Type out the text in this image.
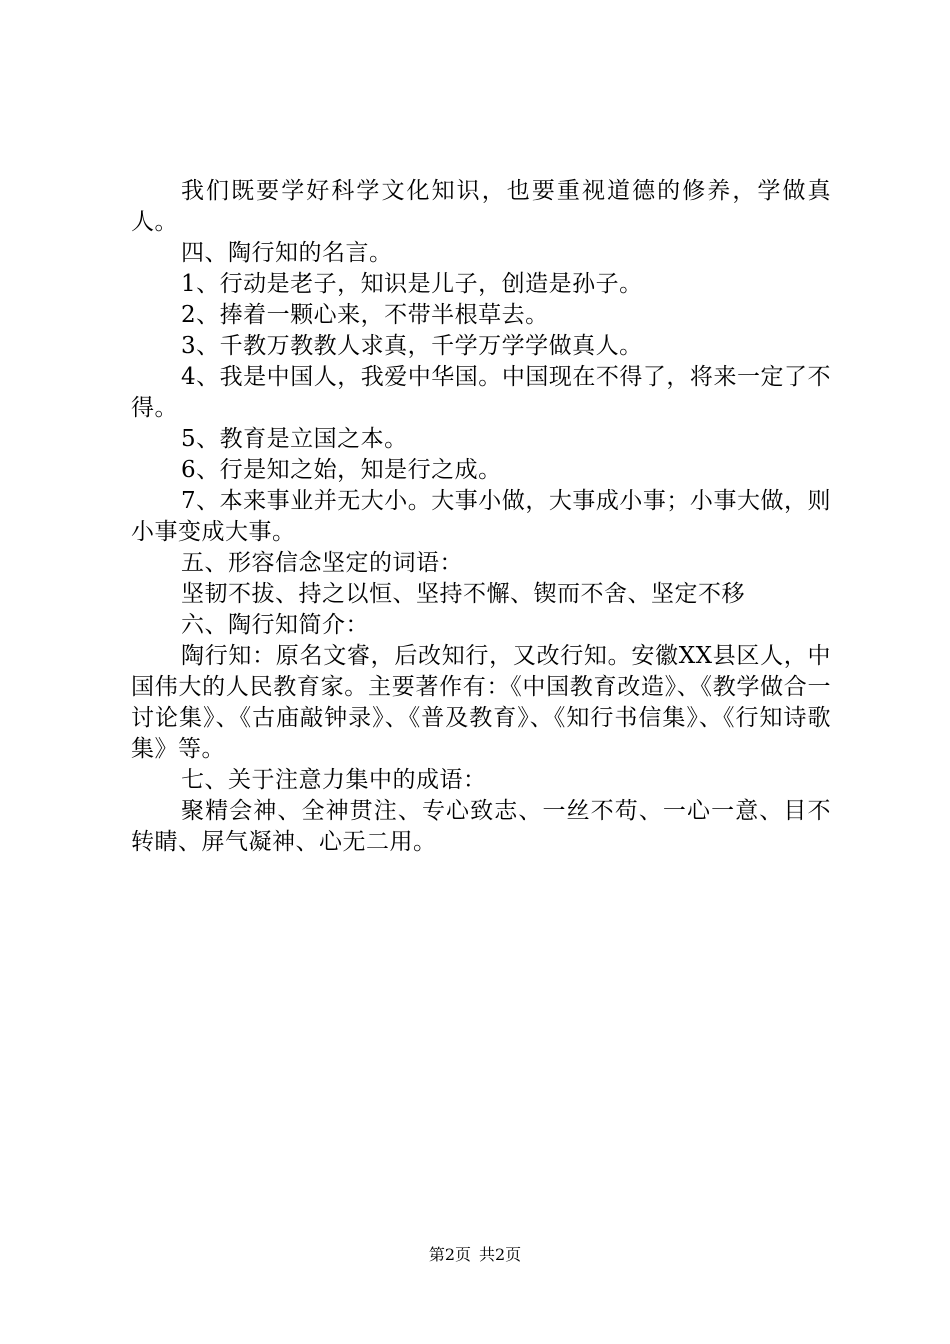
我们既要学好科学文化知识，也要重视道德的修养，学做真人。

四、陶行知的名言。

1、行动是老子，知识是儿子，创造是孙子。

2、捧着一颗心来，不带半根草去。

3、千教万教教人求真，千学万学学做真人。

4、我是中国人，我爱中华国。中国现在不得了，将来一定了不得。

5、教育是立国之本。

6、行是知之始，知是行之成。

7、本来事业并无大小。大事小做，大事成小事；小事大做，则小事变成大事。

五、形容信念坚定的词语：

坚韧不拔、持之以恒、坚持不懈、锲而不舍、坚定不移

六、陶行知简介：

陶行知：原名文睿，后改知行，又改行知。安徽XX县区人，中国伟大的人民教育家。主要著作有：《中国教育改造》、《教学做合一讨论集》、《古庙敲钟录》、《普及教育》、《知行书信集》、《行知诗歌集》等。

七、关于注意力集中的成语：

聚精会神、全神贯注、专心致志、一丝不苟、一心一意、目不转睛、屏气凝神、心无二用。

第2页 共2页
